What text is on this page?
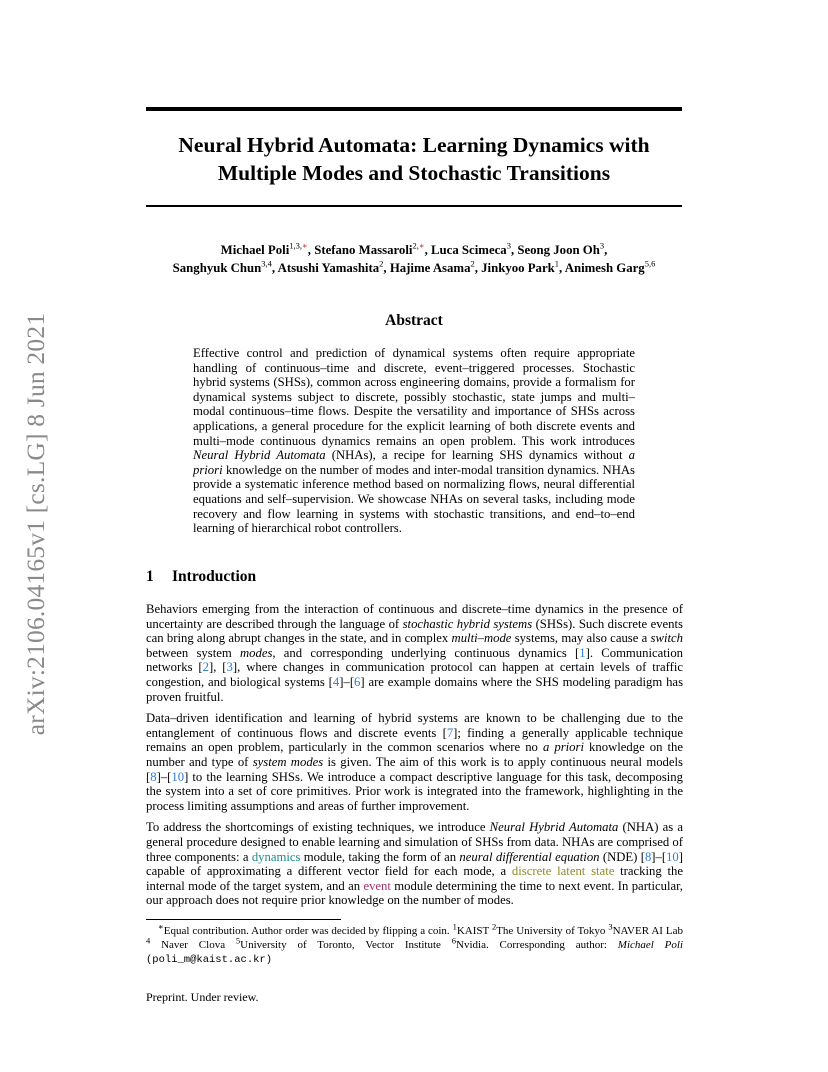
arXiv:2106.04165v1 [cs.LG] 8 Jun 2021
Neural Hybrid Automata: Learning Dynamics with
Multiple Modes and Stochastic Transitions
Michael Poli$^{1,3,∗}$, Stefano Massaroli$^{2,∗}$, Luca Scimeca$^3$, Seong Joon Oh$^3$,
Sanghyuk Chun$^{3,4}$, Atsushi Yamashita$^2$, Hajime Asama$^2$, Jinkyoo Park$^1$, Animesh Garg$^{5,6}$
Abstract
Effective control and prediction of dynamical systems often require appropriate handling of continuous–time and discrete, event–triggered processes. Stochastic hybrid systems (SHSs), common across engineering domains, provide a formalism for dynamical systems subject to discrete, possibly stochastic, state jumps and multi–modal continuous–time flows. Despite the versatility and importance of SHSs across applications, a general procedure for the explicit learning of both discrete events and multi–mode continuous dynamics remains an open problem. This work introduces Neural Hybrid Automata (NHAs), a recipe for learning SHS dynamics without a priori knowledge on the number of modes and inter-modal transition dynamics. NHAs provide a systematic inference method based on normalizing flows, neural differential equations and self–supervision. We showcase NHAs on several tasks, including mode recovery and flow learning in systems with stochastic transitions, and end–to–end learning of hierarchical robot controllers.
1 Introduction

Behaviors emerging from the interaction of continuous and discrete–time dynamics in the presence of uncertainty are described through the language of stochastic hybrid systems (SHSs). Such discrete events can bring along abrupt changes in the state, and in complex multi–mode systems, may also cause a switch between system modes, and corresponding underlying continuous dynamics [1]. Communication networks [2], [3], where changes in communication protocol can happen at certain levels of traffic congestion, and biological systems [4]–[6] are example domains where the SHS modeling paradigm has proven fruitful.

Data–driven identification and learning of hybrid systems are known to be challenging due to the entanglement of continuous flows and discrete events [7]; finding a generally applicable technique remains an open problem, particularly in the common scenarios where no a priori knowledge on the number and type of system modes is given. The aim of this work is to apply continuous neural models [8]–[10] to the learning SHSs. We introduce a compact descriptive language for this task, decomposing the system into a set of core primitives. Prior work is integrated into the framework, highlighting in the process limiting assumptions and areas of further improvement.

To address the shortcomings of existing techniques, we introduce Neural Hybrid Automata (NHA) as a general procedure designed to enable learning and simulation of SHSs from data. NHAs are comprised of three components: a dynamics module, taking the form of an neural differential equation (NDE) [8]–[10] capable of approximating a different vector field for each mode, a discrete latent state tracking the internal mode of the target system, and an event module determining the time to next event. In particular, our approach does not require prior knowledge on the number of modes.

∗Equal contribution. Author order was decided by flipping a coin. $^1$KAIST $^2$The University of Tokyo $^3$NAVER AI Lab $^4$ Naver Clova $^5$University of Toronto, Vector Institute $^6$Nvidia. Corresponding author: Michael Poli (poli_m@kaist.ac.kr)
Preprint. Under review.
